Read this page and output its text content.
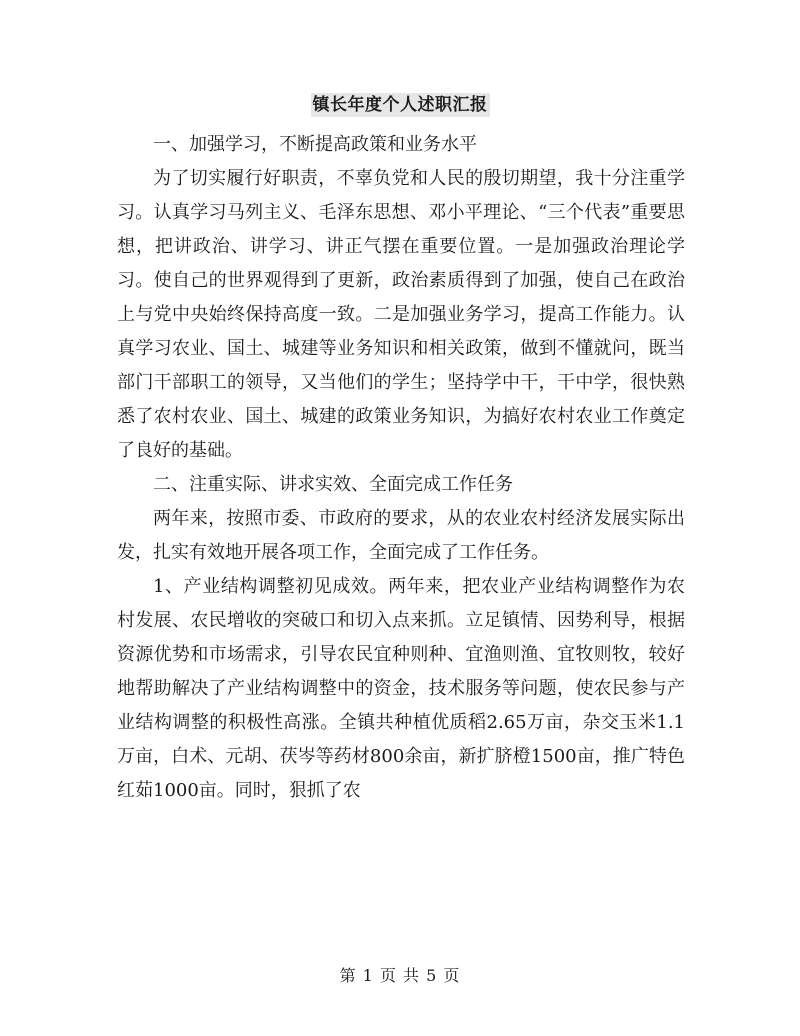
镇长年度个人述职汇报

一、加强学习，不断提高政策和业务水平

为了切实履行好职责，不辜负党和人民的殷切期望，我十分注重学习。认真学习马列主义、毛泽东思想、邓小平理论、“三个代表”重要思想，把讲政治、讲学习、讲正气摆在重要位置。一是加强政治理论学习。使自己的世界观得到了更新，政治素质得到了加强，使自己在政治上与党中央始终保持高度一致。二是加强业务学习，提高工作能力。认真学习农业、国土、城建等业务知识和相关政策，做到不懂就问，既当部门干部职工的领导，又当他们的学生；坚持学中干，干中学，很快熟悉了农村农业、国土、城建的政策业务知识，为搞好农村农业工作奠定了良好的基础。

二、注重实际、讲求实效、全面完成工作任务

两年来，按照市委、市政府的要求，从的农业农村经济发展实际出发，扎实有效地开展各项工作，全面完成了工作任务。

1、产业结构调整初见成效。两年来，把农业产业结构调整作为农村发展、农民增收的突破口和切入点来抓。立足镇情、因势利导，根据资源优势和市场需求，引导农民宜种则种、宜渔则渔、宜牧则牧，较好地帮助解决了产业结构调整中的资金，技术服务等问题，使农民参与产业结构调整的积极性高涨。全镇共种植优质稻2.65万亩，杂交玉米1.1万亩，白术、元胡、茯岑等药材800余亩，新扩脐橙1500亩，推广特色红茹1000亩。同时，狠抓了农

第 1 页 共 5 页
